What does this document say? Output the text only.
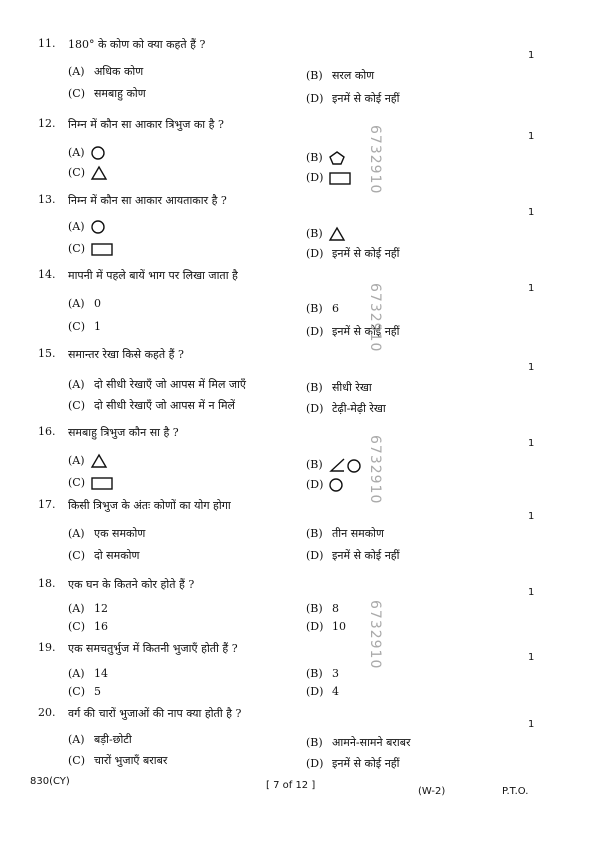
11. 180° के कोण को क्या कहते हैं ?
1
(A) अधिक कोण
(C) समबाहु कोण
(B) सरल कोण
(D) इनमें से कोई नहीं
12. निम्न में कौन सा आकार त्रिभुज का है ?
1
(A)
(C)
(B)
(D)
13. निम्न में कौन सा आकार आयताकार है ?
1
(A)
(C)
(B)
(D) इनमें से कोई नहीं
14. मापनी में पहले बायें भाग पर लिखा जाता है
1
(A) 0
(C) 1
(B) 6
(D) इनमें से कोई नहीं
15. समान्तर रेखा किसे कहते हैं ?
1
(A) दो सीधी रेखाएँ जो आपस में मिल जाएँ
(C) दो सीधी रेखाएँ जो आपस में न मिलें
(B) सीधी रेखा
(D) टेढ़ी-मेढ़ी रेखा
16. समबाहु त्रिभुज कौन सा है ?
1
(A)
(C)
(B)
(D)
17. किसी त्रिभुज के अंतः कोणों का योग होगा
1
(A) एक समकोण
(C) दो समकोण
(B) तीन समकोण
(D) इनमें से कोई नहीं
18. एक घन के कितने कोर होते हैं ?
1
(A) 12
(C) 16
(B) 8
(D) 10
19. एक समचतुर्भुज में कितनी भुजाएँ होती हैं ?
1
(A) 14
(C) 5
(B) 3
(D) 4
20. वर्ग की चारों भुजाओं की नाप क्या होती है ?
1
(A) बड़ी-छोटी
(C) चारों भुजाएँ बराबर
(B) आमने-सामने बराबर
(D) इनमें से कोई नहीं
6732910
6732910
6732910
6732910
830(CY)	[ 7 of 12 ]
(W-2)	P.T.O.
